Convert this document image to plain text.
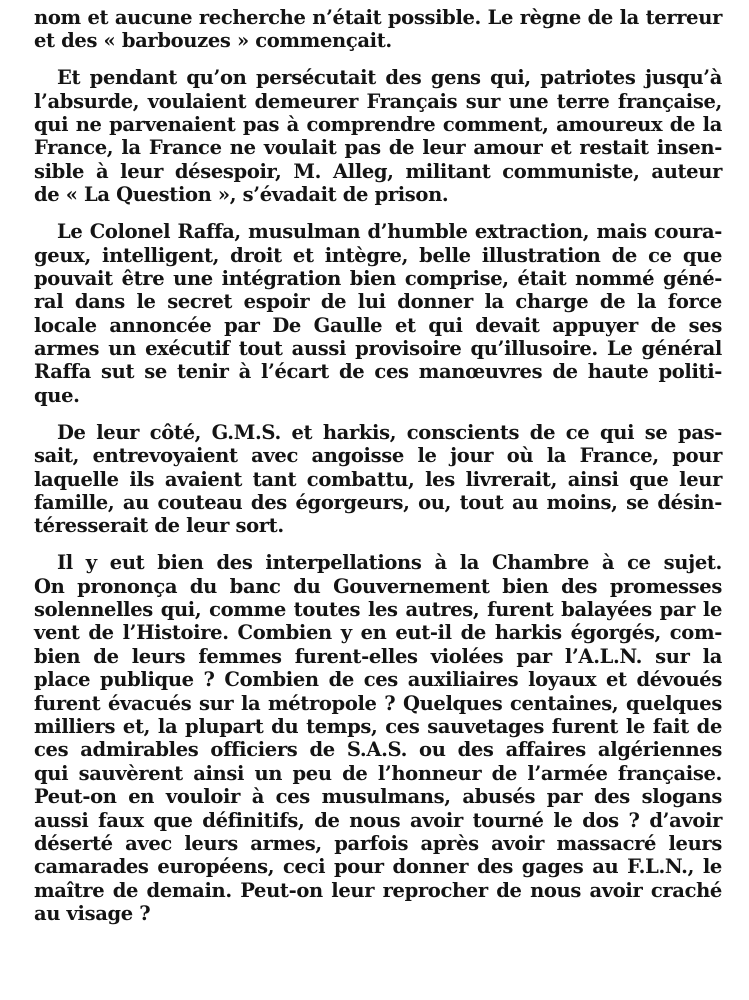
nom et aucune recherche n’était possible. Le règne de la terreur
et des « barbouzes » commençait.
Et pendant qu’on persécutait des gens qui, patriotes jusqu’à
l’absurde, voulaient demeurer Français sur une terre française,
qui ne parvenaient pas à comprendre comment, amoureux de la
France, la France ne voulait pas de leur amour et restait insen-
sible à leur désespoir, M. Alleg, militant communiste, auteur
de « La Question », s’évadait de prison.
Le Colonel Raffa, musulman d’humble extraction, mais coura-
geux, intelligent, droit et intègre, belle illustration de ce que
pouvait être une intégration bien comprise, était nommé géné-
ral dans le secret espoir de lui donner la charge de la force
locale annoncée par De Gaulle et qui devait appuyer de ses
armes un exécutif tout aussi provisoire qu’illusoire. Le général
Raffa sut se tenir à l’écart de ces manœuvres de haute politi-
que.
De leur côté, G.M.S. et harkis, conscients de ce qui se pas-
sait, entrevoyaient avec angoisse le jour où la France, pour
laquelle ils avaient tant combattu, les livrerait, ainsi que leur
famille, au couteau des égorgeurs, ou, tout au moins, se désin-
téresserait de leur sort.
Il y eut bien des interpellations à la Chambre à ce sujet.
On prononça du banc du Gouvernement bien des promesses
solennelles qui, comme toutes les autres, furent balayées par le
vent de l’Histoire. Combien y en eut-il de harkis égorgés, com-
bien de leurs femmes furent-elles violées par l’A.L.N. sur la
place publique ? Combien de ces auxiliaires loyaux et dévoués
furent évacués sur la métropole ? Quelques centaines, quelques
milliers et, la plupart du temps, ces sauvetages furent le fait de
ces admirables officiers de S.A.S. ou des affaires algériennes
qui sauvèrent ainsi un peu de l’honneur de l’armée française.
Peut-on en vouloir à ces musulmans, abusés par des slogans
aussi faux que définitifs, de nous avoir tourné le dos ? d’avoir
déserté avec leurs armes, parfois après avoir massacré leurs
camarades européens, ceci pour donner des gages au F.L.N., le
maître de demain. Peut-on leur reprocher de nous avoir craché
au visage ?
